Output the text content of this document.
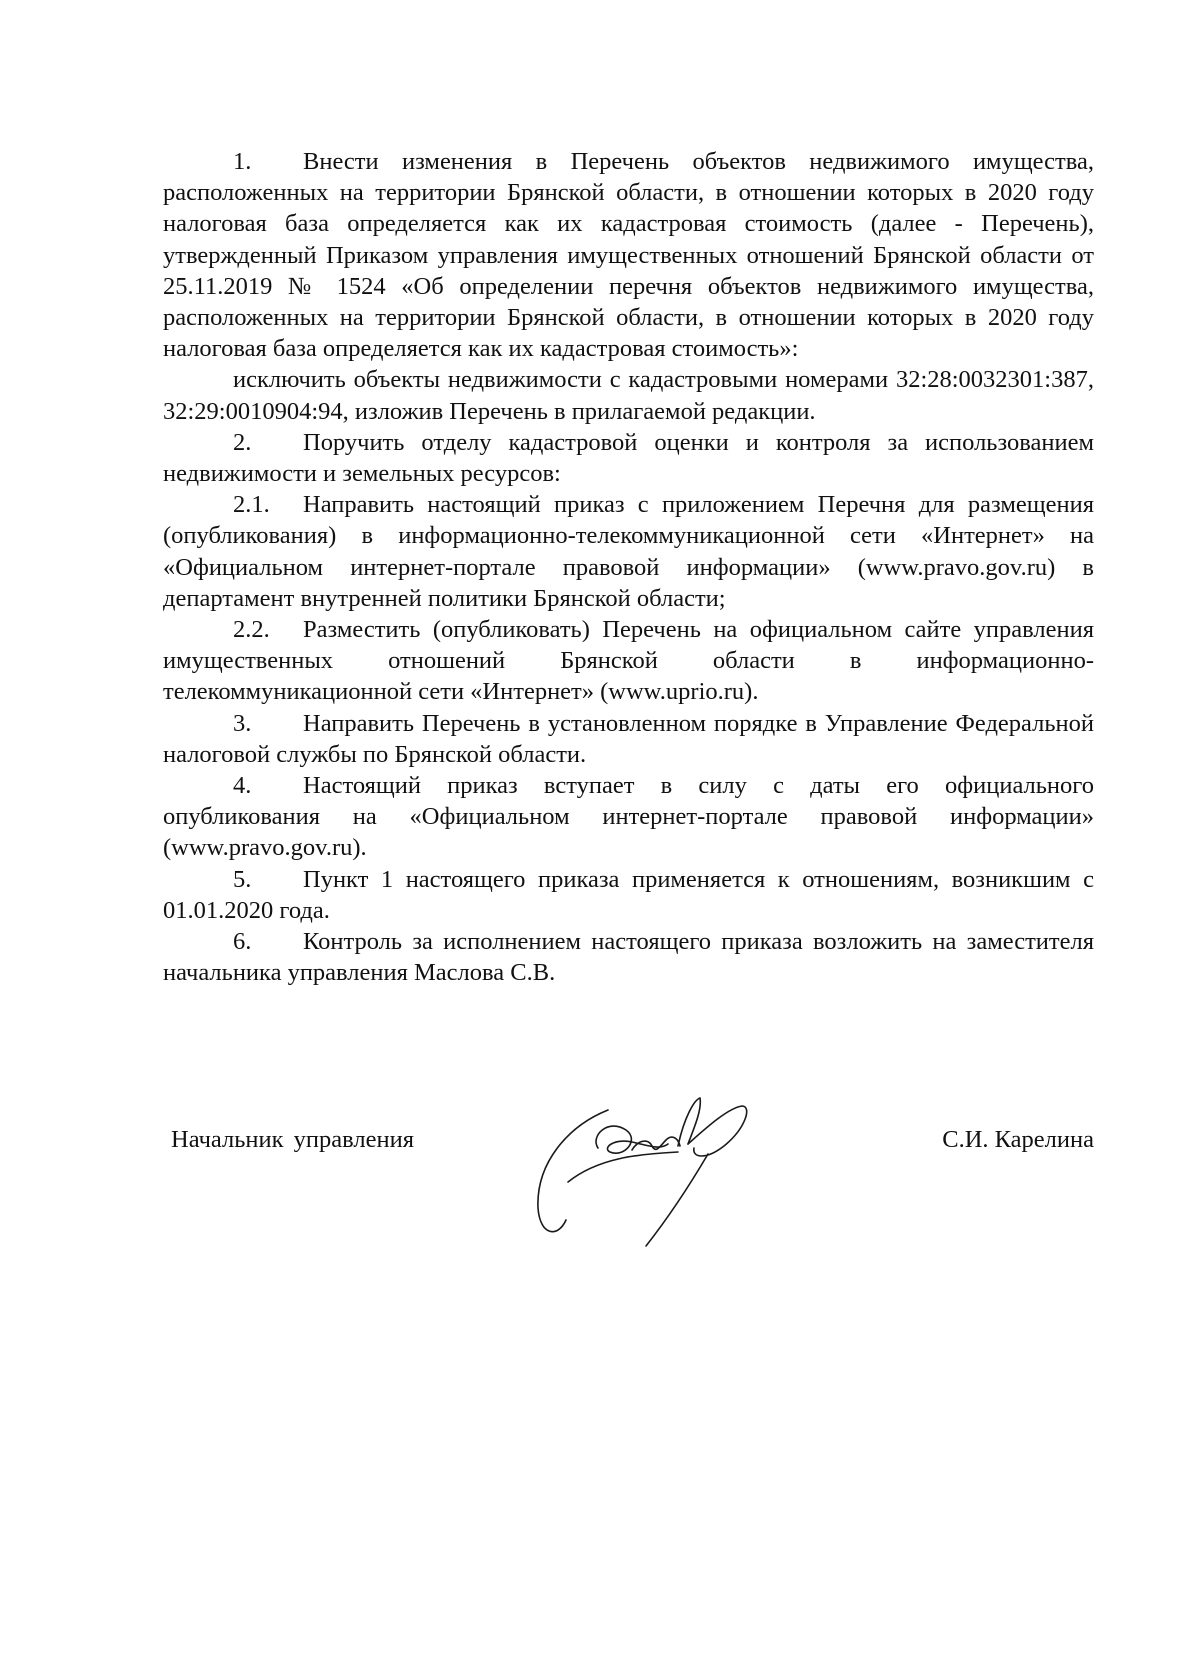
1. Внести изменения в Перечень объектов недвижимого имущества, расположенных на территории Брянской области, в отношении которых в 2020 году налоговая база определяется как их кадастровая стоимость (далее - Перечень), утвержденный Приказом управления имущественных отношений Брянской области от 25.11.2019 № 1524 «Об определении перечня объектов недвижимого имущества, расположенных на территории Брянской области, в отношении которых в 2020 году налоговая база определяется как их кадастровая стоимость»:

исключить объекты недвижимости с кадастровыми номерами 32:28:0032301:387, 32:29:0010904:94, изложив Перечень в прилагаемой редакции.

2. Поручить отделу кадастровой оценки и контроля за использованием недвижимости и земельных ресурсов:

2.1. Направить настоящий приказ с приложением Перечня для размещения (опубликования) в информационно-телекоммуникационной сети «Интернет» на «Официальном интернет-портале правовой информации» (www.pravo.gov.ru) в департамент внутренней политики Брянской области;

2.2. Разместить (опубликовать) Перечень на официальном сайте управления имущественных отношений Брянской области в информационно-телекоммуникационной сети «Интернет» (www.uprio.ru).

3. Направить Перечень в установленном порядке в Управление Федеральной налоговой службы по Брянской области.

4. Настоящий приказ вступает в силу с даты его официального опубликования на «Официальном интернет-портале правовой информации» (www.pravo.gov.ru).

5. Пункт 1 настоящего приказа применяется к отношениям, возникшим с 01.01.2020 года.

6. Контроль за исполнением настоящего приказа возложить на заместителя начальника управления Маслова С.В.

Начальник управления	С.И. Карелина
